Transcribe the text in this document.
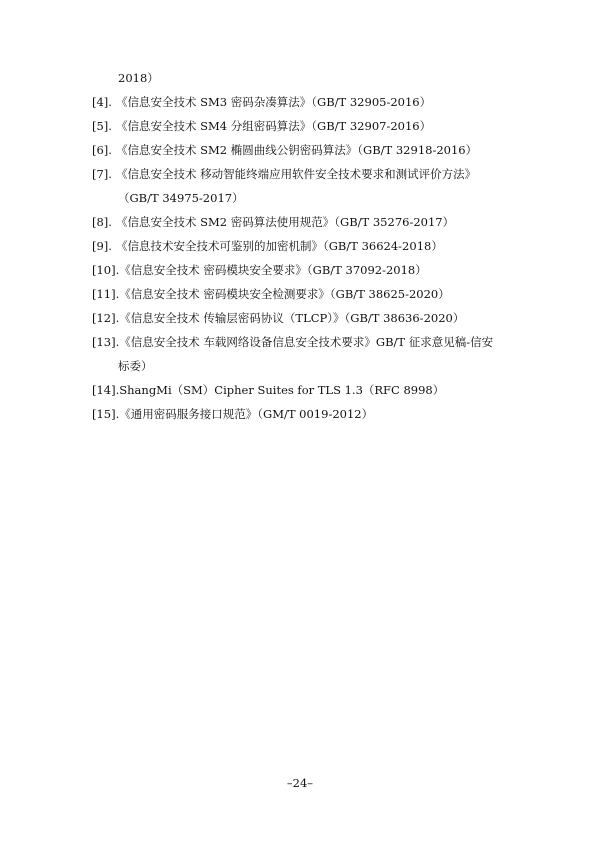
2018）
[4]. 《信息安全技术 SM3 密码杂凑算法》（GB/T 32905-2016）
[5]. 《信息安全技术 SM4 分组密码算法》（GB/T 32907-2016）
[6]. 《信息安全技术 SM2 椭圆曲线公钥密码算法》（GB/T 32918-2016）
[7]. 《信息安全技术 移动智能终端应用软件安全技术要求和测试评价方法》
（GB/T 34975-2017）
[8]. 《信息安全技术 SM2 密码算法使用规范》（GB/T 35276-2017）
[9]. 《信息技术安全技术可鉴别的加密机制》（GB/T 36624-2018）
[10].《信息安全技术 密码模块安全要求》（GB/T 37092-2018）
[11].《信息安全技术 密码模块安全检测要求》（GB/T 38625-2020）
[12].《信息安全技术 传输层密码协议（TLCP）》（GB/T 38636-2020）
[13].《信息安全技术 车载网络设备信息安全技术要求》GB/T 征求意见稿-信安
标委）
[14].ShangMi（SM）Cipher Suites for TLS 1.3（RFC 8998）
[15].《通用密码服务接口规范》（GM/T 0019-2012）
–24–
